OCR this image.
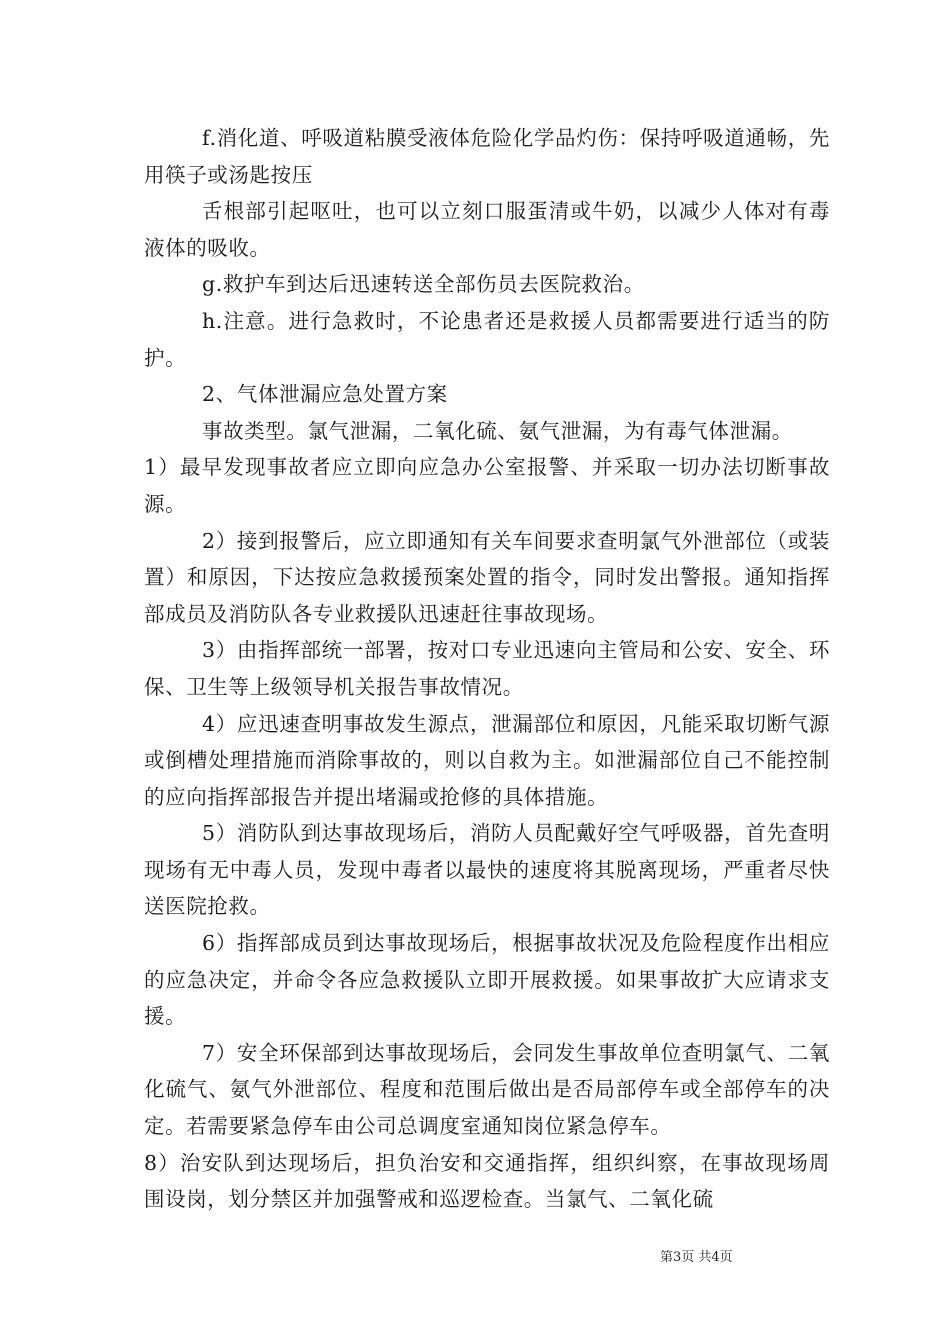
f.消化道、呼吸道粘膜受液体危险化学品灼伤：保持呼吸道通畅，先用筷子或汤匙按压

舌根部引起呕吐，也可以立刻口服蛋清或牛奶，以减少人体对有毒液体的吸收。

g.救护车到达后迅速转送全部伤员去医院救治。

h.注意。进行急救时，不论患者还是救援人员都需要进行适当的防护。

2、气体泄漏应急处置方案

事故类型。氯气泄漏，二氧化硫、氨气泄漏，为有毒气体泄漏。

1）最早发现事故者应立即向应急办公室报警、并采取一切办法切断事故源。

2）接到报警后，应立即通知有关车间要求查明氯气外泄部位（或装置）和原因，下达按应急救援预案处置的指令，同时发出警报。通知指挥部成员及消防队各专业救援队迅速赶往事故现场。

3）由指挥部统一部署，按对口专业迅速向主管局和公安、安全、环保、卫生等上级领导机关报告事故情况。

4）应迅速查明事故发生源点，泄漏部位和原因，凡能采取切断气源或倒槽处理措施而消除事故的，则以自救为主。如泄漏部位自己不能控制的应向指挥部报告并提出堵漏或抢修的具体措施。

5）消防队到达事故现场后，消防人员配戴好空气呼吸器，首先查明现场有无中毒人员，发现中毒者以最快的速度将其脱离现场，严重者尽快送医院抢救。

6）指挥部成员到达事故现场后，根据事故状况及危险程度作出相应的应急决定，并命令各应急救援队立即开展救援。如果事故扩大应请求支援。

7）安全环保部到达事故现场后，会同发生事故单位查明氯气、二氧化硫气、氨气外泄部位、程度和范围后做出是否局部停车或全部停车的决定。若需要紧急停车由公司总调度室通知岗位紧急停车。

8）治安队到达现场后，担负治安和交通指挥，组织纠察，在事故现场周围设岗，划分禁区并加强警戒和巡逻检查。当氯气、二氧化硫

第3页 共4页
